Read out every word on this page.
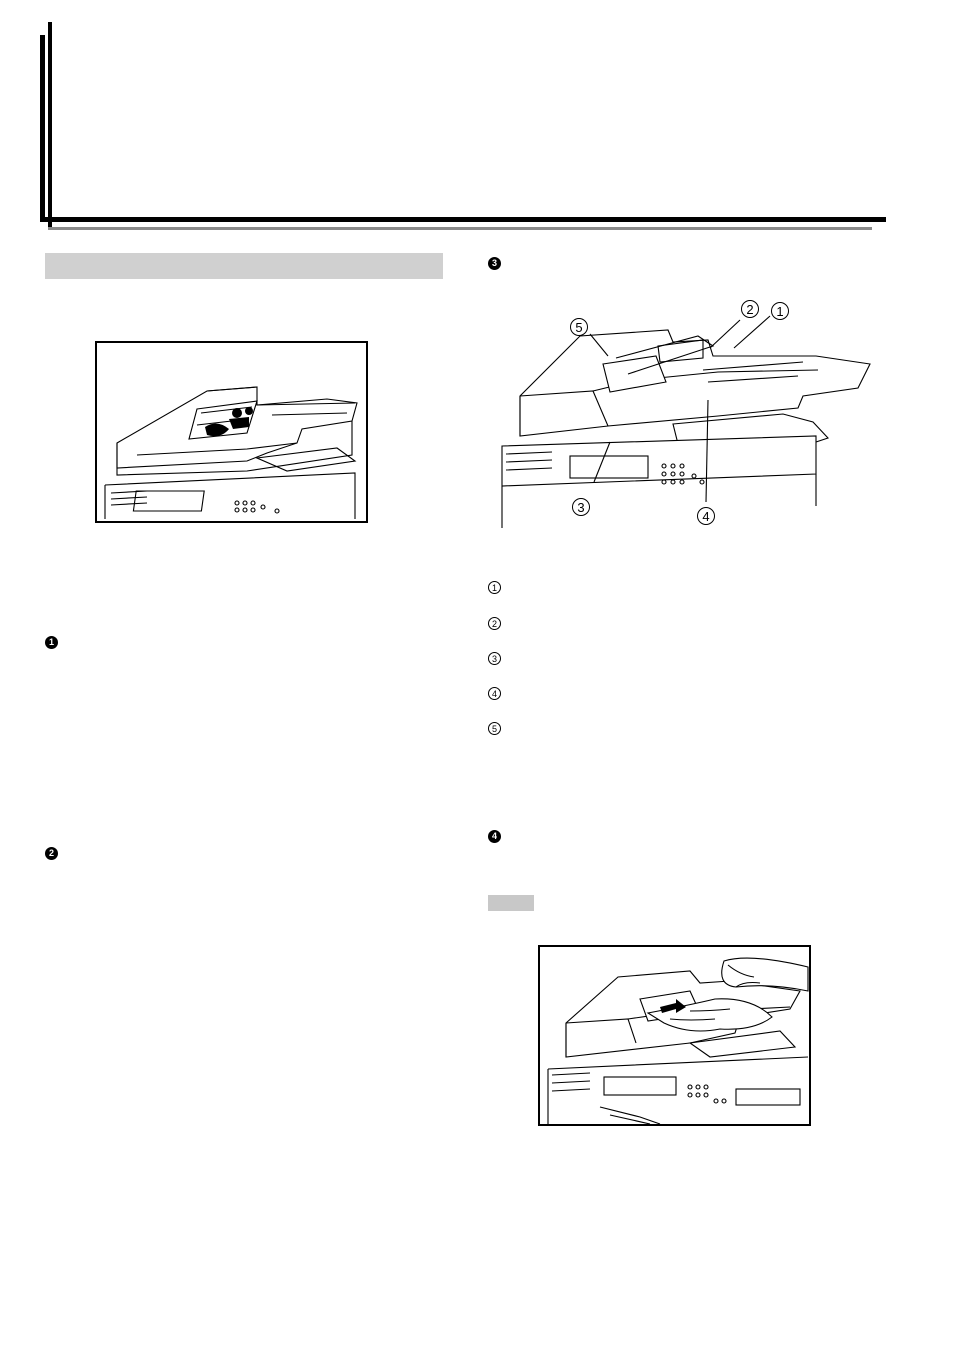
1
2
3
5
2	1
3
4
1
2
3
4
5
4
